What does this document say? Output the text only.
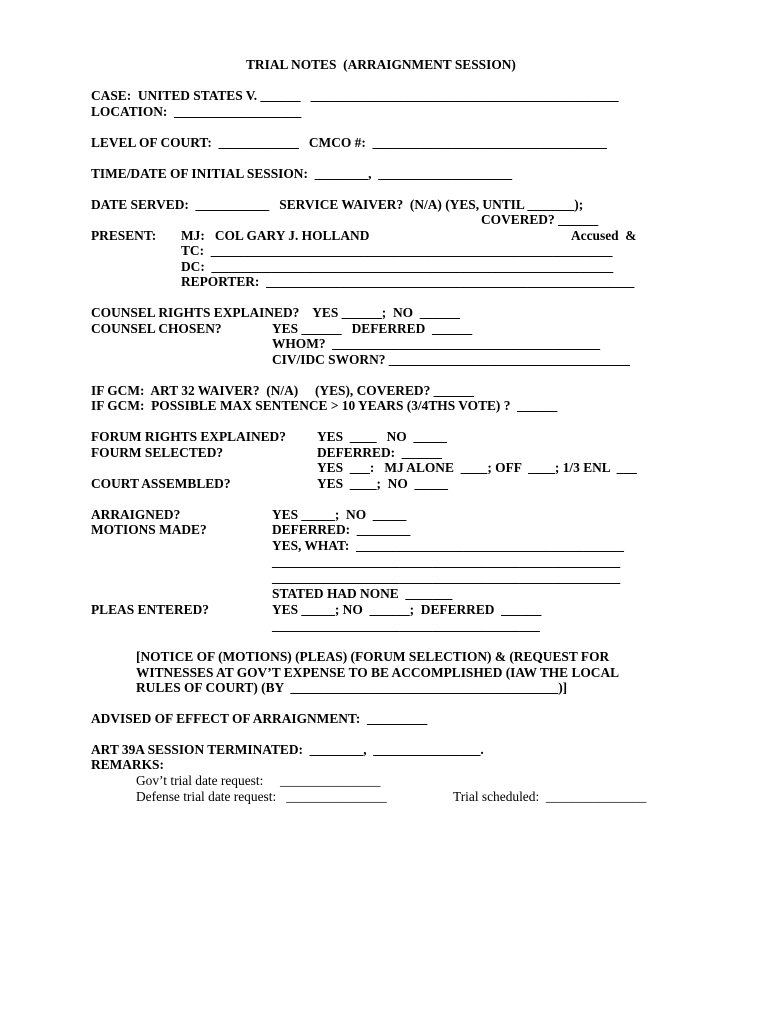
TRIAL NOTES  (ARRAIGNMENT SESSION)
CASE:  UNITED STATES V. ______   ______________________________________________
LOCATION:  ___________________
LEVEL OF COURT:  ____________   CMCO #:  ___________________________________
TIME/DATE OF INITIAL SESSION:  ________,  ____________________
DATE SERVED:  ___________   SERVICE WAIVER?  (N/A) (YES, UNTIL _______);
COVERED? ______
PRESENT: MJ:   COL GARY J. HOLLAND	Accused  &
TC:  ____________________________________________________________
DC:  ____________________________________________________________
REPORTER:  _______________________________________________________
COUNSEL RIGHTS EXPLAINED?    YES ______;  NO  ______
COUNSEL CHOSEN?	YES ______   DEFERRED  ______
WHOM?  ________________________________________
CIV/IDC SWORN? ____________________________________
IF GCM:  ART 32 WAIVER?  (N/A)     (YES), COVERED? ______
IF GCM:  POSSIBLE MAX SENTENCE > 10 YEARS (3/4THS VOTE) ?  ______
FORUM RIGHTS EXPLAINED? YES  ____   NO  _____
FOURM SELECTED?	DEFERRED:  ______
YES  ___:   MJ ALONE  ____; OFF  ____; 1/3 ENL  ___
COURT ASSEMBLED?	YES  ____;  NO  _____
ARRAIGNED?	YES _____;  NO  _____
MOTIONS MADE?	DEFERRED:  ________
YES, WHAT:  ________________________________________
____________________________________________________
____________________________________________________
STATED HAD NONE  _______
PLEAS ENTERED?	YES _____; NO  ______;  DEFERRED  ______
________________________________________
[NOTICE OF (MOTIONS) (PLEAS) (FORUM SELECTION) & (REQUEST FOR
WITNESSES AT GOV’T EXPENSE TO BE ACCOMPLISHED (IAW THE LOCAL
RULES OF COURT) (BY  ________________________________________)]
ADVISED OF EFFECT OF ARRAIGNMENT:  _________
ART 39A SESSION TERMINATED:  ________,  ________________.
REMARKS:
Gov’t trial date request:     _______________
Defense trial date request:   _______________	Trial scheduled:  _______________
